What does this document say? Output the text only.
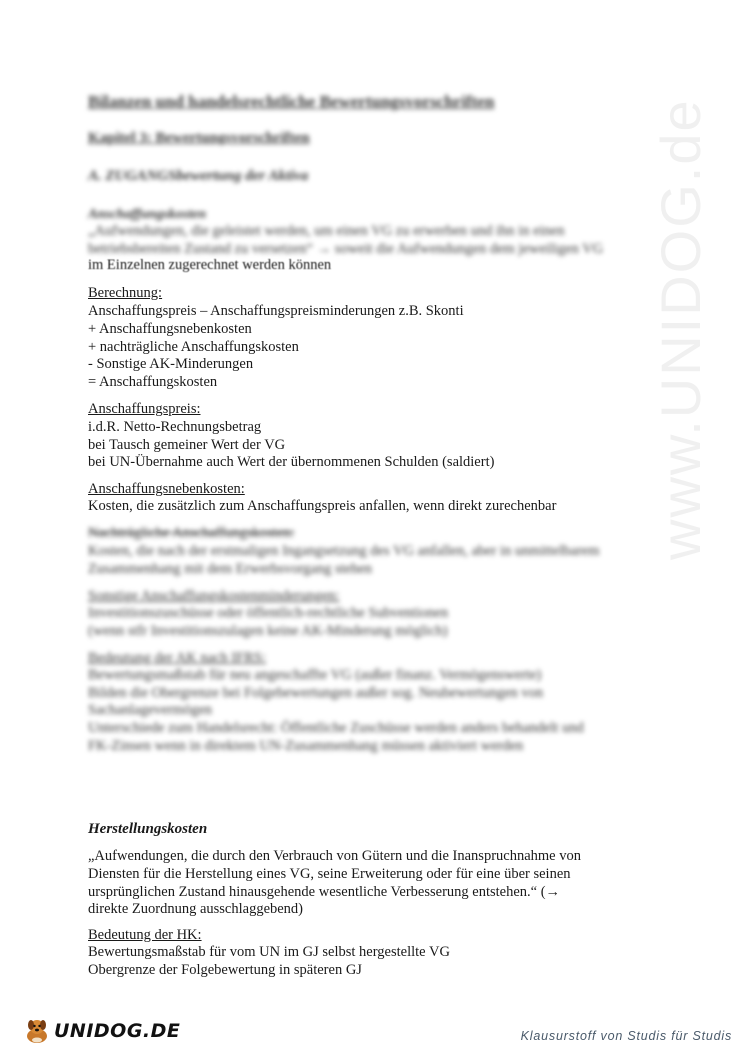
www.UNIDOG.de
Bilanzen und handelsrechtliche Bewertungsvorschriften
Kapitel 3: Bewertungsvorschriften
A. ZUGANGSbewertung der Aktiva
Anschaffungskosten
„Aufwendungen, die geleistet werden, um einen VG zu erwerben und ihn in einen
betriebsbereiten Zustand zu versetzen“ → soweit die Aufwendungen dem jeweiligen VG
im Einzelnen zugerechnet werden können
Berechnung:
Anschaffungspreis – Anschaffungspreisminderungen z.B. Skonti
+ Anschaffungsnebenkosten
+ nachträgliche Anschaffungskosten
- Sonstige AK-Minderungen
= Anschaffungskosten
Anschaffungspreis:
i.d.R. Netto-Rechnungsbetrag
bei Tausch gemeiner Wert der VG
bei UN-Übernahme auch Wert der übernommenen Schulden (saldiert)
Anschaffungsnebenkosten:
Kosten, die zusätzlich zum Anschaffungspreis anfallen, wenn direkt zurechenbar
Nachträgliche Anschaffungskosten:
Kosten, die nach der erstmaligen Ingangsetzung des VG anfallen, aber in unmittelbarem
Zusammenhang mit dem Erwerbsvorgang stehen
Sonstige Anschaffungskostenminderungen:
Investitionszuschüsse oder öffentlich-rechtliche Subventionen
(wenn stfr Investitionszulagen keine AK-Minderung möglich)
Bedeutung der AK nach IFRS:
Bewertungsmaßstab für neu angeschaffte VG (außer finanz. Vermögenswerte)
Bilden die Obergrenze bei Folgebewertungen außer sog. Neubewertungen von
Sachanlagevermögen
Unterschiede zum Handelsrecht: Öffentliche Zuschüsse werden anders behandelt und
FK-Zinsen wenn in direktem UN-Zusammenhang müssen aktiviert werden
Herstellungskosten
„Aufwendungen, die durch den Verbrauch von Gütern und die Inanspruchnahme von
Diensten für die Herstellung eines VG, seine Erweiterung oder für eine über seinen
ursprünglichen Zustand hinausgehende wesentliche Verbesserung entstehen.“ (→
direkte Zuordnung ausschlaggebend)
Bedeutung der HK:
Bewertungsmaßstab für vom UN im GJ selbst hergestellte VG
Obergrenze der Folgebewertung in späteren GJ
UNIDOG.DE	Klausurstoff von Studis für Studis
